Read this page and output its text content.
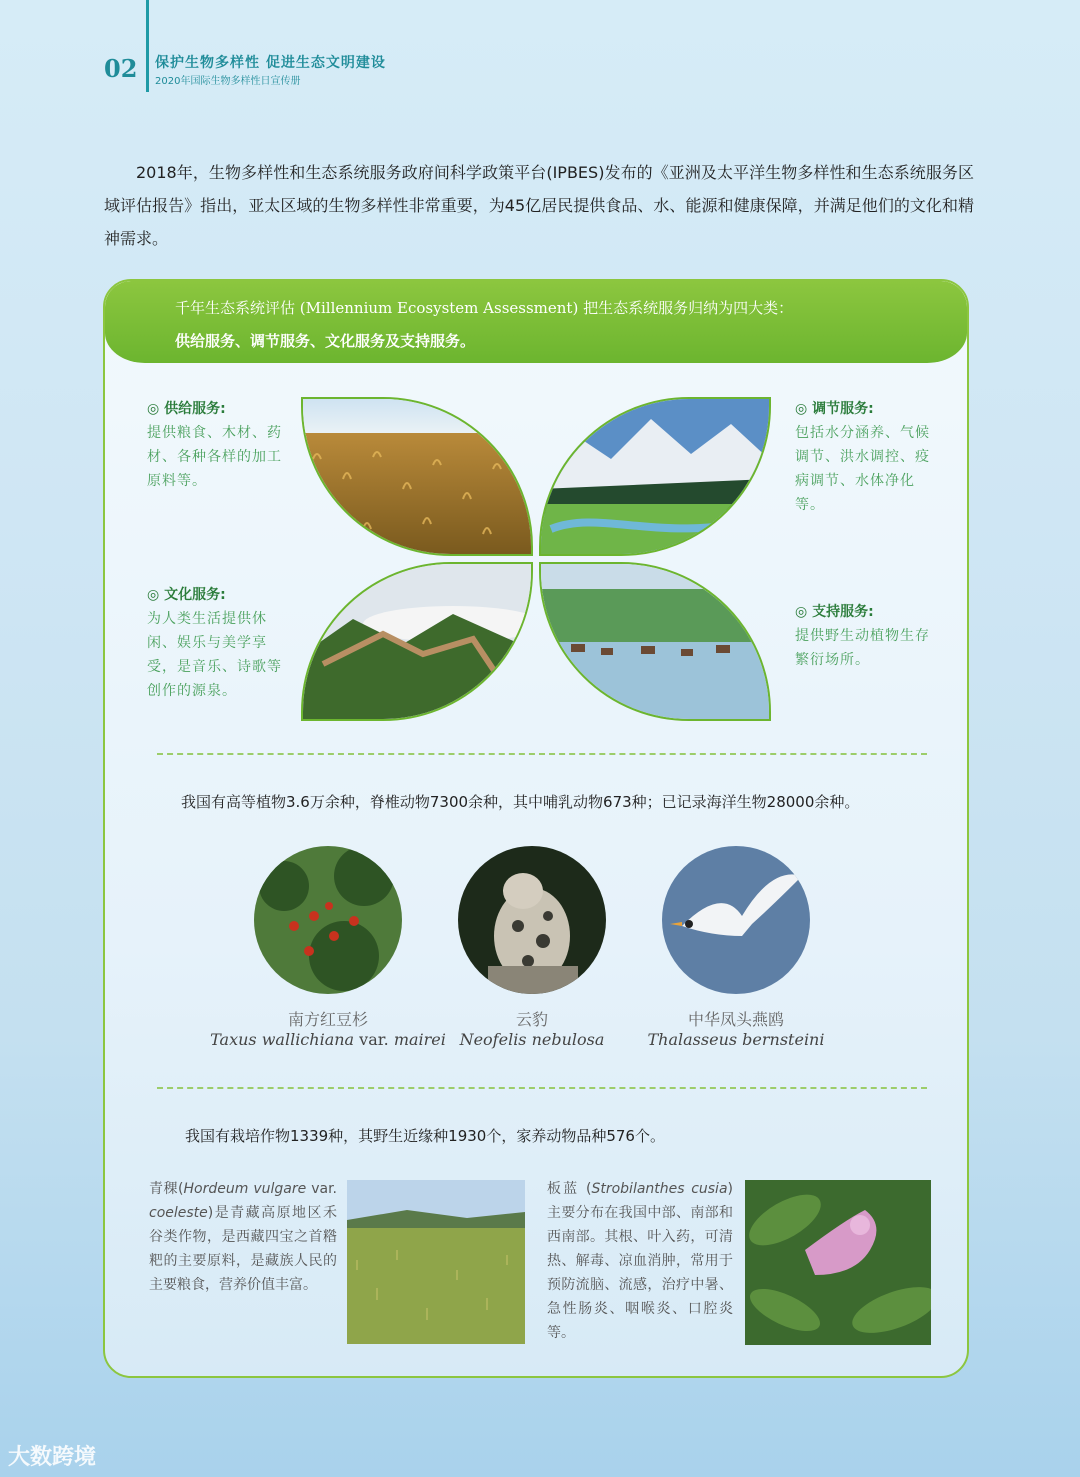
02 保护生物多样性 促进生态文明建设
2020年国际生物多样性日宣传册
2018年，生物多样性和生态系统服务政府间科学政策平台(IPBES)发布的《亚洲及太平洋生物多样性和生态系统服务区域评估报告》指出，亚太区域的生物多样性非常重要，为45亿居民提供食品、水、能源和健康保障，并满足他们的文化和精神需求。
千年生态系统评估 (Millennium Ecosystem Assessment) 把生态系统服务归纳为四大类：
供给服务、调节服务、文化服务及支持服务。
◎ 供给服务:
提供粮食、木材、药材、各种各样的加工原料等。
◎ 调节服务:
包括水分涵养、气候调节、洪水调控、疫病调节、水体净化等。
◎ 文化服务:
为人类生活提供休闲、娱乐与美学享受，是音乐、诗歌等创作的源泉。
◎ 支持服务:
提供野生动植物生存繁衍场所。
我国有高等植物3.6万余种，脊椎动物7300余种，其中哺乳动物673种；已记录海洋生物28000余种。
南方红豆杉
Taxus wallichiana var. mairei
云豹
Neofelis nebulosa
中华凤头燕鸥
Thalasseus bernsteini
我国有栽培作物1339种，其野生近缘种1930个，家养动物品种576个。
青稞(Hordeum vulgare var. coeleste)是青藏高原地区禾谷类作物，是西藏四宝之首糌粑的主要原料，是藏族人民的主要粮食，营养价值丰富。
板蓝 (Strobilanthes cusia)主要分布在我国中部、南部和西南部。其根、叶入药，可清热、解毒、凉血消肿，常用于预防流脑、流感，治疗中暑、急性肠炎、咽喉炎、口腔炎等。
大数跨境
